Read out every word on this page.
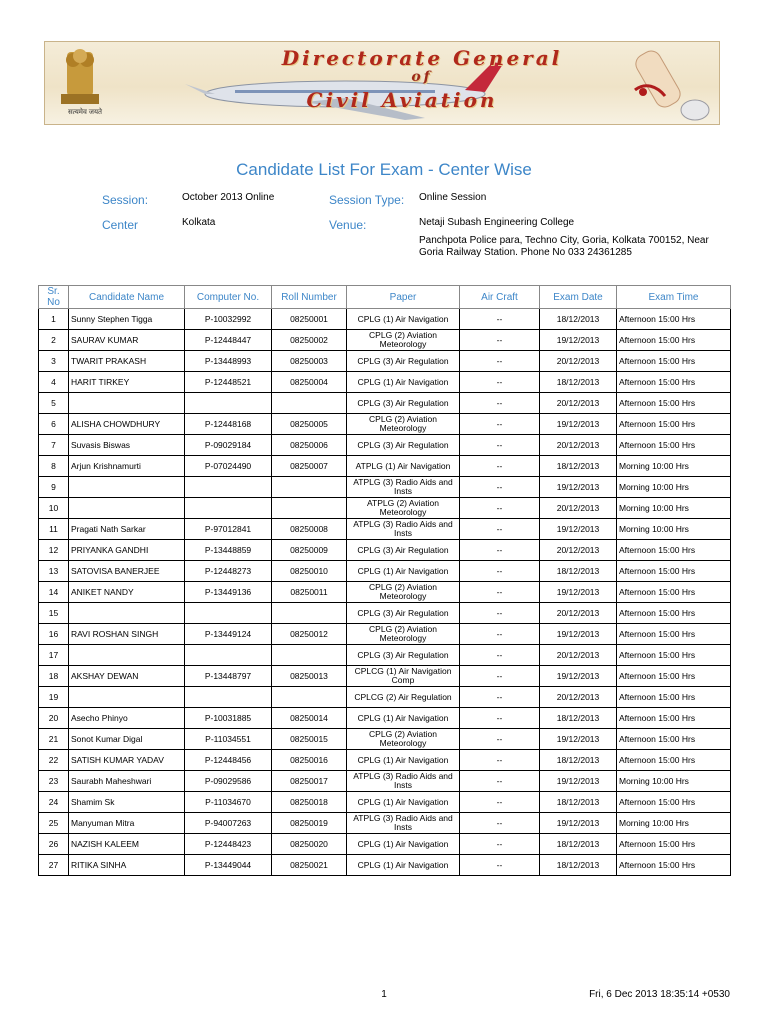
Directorate General
of
Civil Aviation
सत्यमेव जयते
Candidate List For Exam - Center Wise
Session:	October 2013 Online	Session Type: Online Session
Center	Kolkata	Venue:	Netaji Subash Engineering College
Panchpota Police para, Techno City, Goria, Kolkata 700152, Near Goria Railway Station. Phone No 033 24361285
Sr. No	Candidate Name	Computer No.	Roll Number	Paper	Air Craft	Exam Date	Exam Time
1	Sunny Stephen Tigga	P-10032992	08250001	CPLG (1) Air Navigation	--	18/12/2013	Afternoon 15:00 Hrs
2	SAURAV KUMAR	P-12448447	08250002	CPLG (2) Aviation Meteorology	--	19/12/2013	Afternoon 15:00 Hrs
3	TWARIT PRAKASH	P-13448993	08250003	CPLG (3) Air Regulation	--	20/12/2013	Afternoon 15:00 Hrs
4	HARIT TIRKEY	P-12448521	08250004	CPLG (1) Air Navigation	--	18/12/2013	Afternoon 15:00 Hrs
5				CPLG (3) Air Regulation	--	20/12/2013	Afternoon 15:00 Hrs
6	ALISHA CHOWDHURY	P-12448168	08250005	CPLG (2) Aviation Meteorology	--	19/12/2013	Afternoon 15:00 Hrs
7	Suvasis Biswas	P-09029184	08250006	CPLG (3) Air Regulation	--	20/12/2013	Afternoon 15:00 Hrs
8	Arjun Krishnamurti	P-07024490	08250007	ATPLG (1) Air Navigation	--	18/12/2013	Morning 10:00 Hrs
9				ATPLG (3) Radio Aids and Insts	--	19/12/2013	Morning 10:00 Hrs
10				ATPLG (2) Aviation Meteorology	--	20/12/2013	Morning 10:00 Hrs
11	Pragati Nath Sarkar	P-97012841	08250008	ATPLG (3) Radio Aids and Insts	--	19/12/2013	Morning 10:00 Hrs
12	PRIYANKA GANDHI	P-13448859	08250009	CPLG (3) Air Regulation	--	20/12/2013	Afternoon 15:00 Hrs
13	SATOVISA BANERJEE	P-12448273	08250010	CPLG (1) Air Navigation	--	18/12/2013	Afternoon 15:00 Hrs
14	ANIKET NANDY	P-13449136	08250011	CPLG (2) Aviation Meteorology	--	19/12/2013	Afternoon 15:00 Hrs
15				CPLG (3) Air Regulation	--	20/12/2013	Afternoon 15:00 Hrs
16	RAVI ROSHAN SINGH	P-13449124	08250012	CPLG (2) Aviation Meteorology	--	19/12/2013	Afternoon 15:00 Hrs
17				CPLG (3) Air Regulation	--	20/12/2013	Afternoon 15:00 Hrs
18	AKSHAY DEWAN	P-13448797	08250013	CPLCG (1) Air Navigation Comp	--	19/12/2013	Afternoon 15:00 Hrs
19				CPLCG (2) Air Regulation	--	20/12/2013	Afternoon 15:00 Hrs
20	Asecho Phinyo	P-10031885	08250014	CPLG (1) Air Navigation	--	18/12/2013	Afternoon 15:00 Hrs
21	Sonot Kumar Digal	P-11034551	08250015	CPLG (2) Aviation Meteorology	--	19/12/2013	Afternoon 15:00 Hrs
22	SATISH KUMAR YADAV	P-12448456	08250016	CPLG (1) Air Navigation	--	18/12/2013	Afternoon 15:00 Hrs
23	Saurabh Maheshwari	P-09029586	08250017	ATPLG (3) Radio Aids and Insts	--	19/12/2013	Morning 10:00 Hrs
24	Shamim Sk	P-11034670	08250018	CPLG (1) Air Navigation	--	18/12/2013	Afternoon 15:00 Hrs
25	Manyuman Mitra	P-94007263	08250019	ATPLG (3) Radio Aids and Insts	--	19/12/2013	Morning 10:00 Hrs
26	NAZISH KALEEM	P-12448423	08250020	CPLG (1) Air Navigation	--	18/12/2013	Afternoon 15:00 Hrs
27	RITIKA SINHA	P-13449044	08250021	CPLG (1) Air Navigation	--	18/12/2013	Afternoon 15:00 Hrs
1	Fri, 6 Dec 2013 18:35:14 +0530
